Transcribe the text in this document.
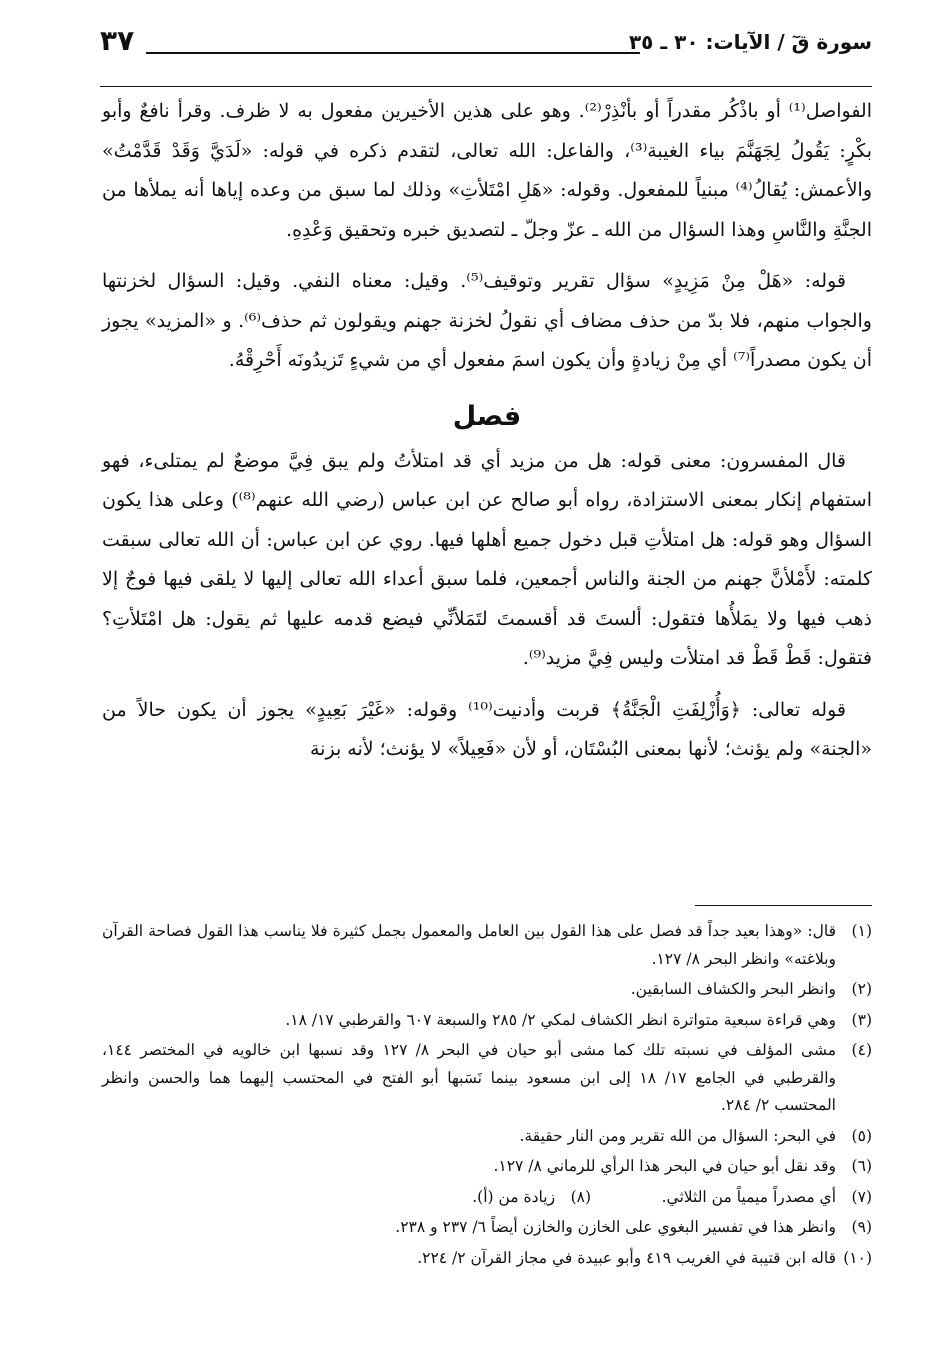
سورة قٓ / الآيات: ٣٠ ـ ٣٥
٣٧

الفواصل⁽¹⁾ أو باذْكُر مقدراً أو بأنْذِرْ⁽²⁾. وهو على هذين الأخيرين مفعول به لا ظرف. وقرأ نافعٌ وأبو بكْرٍ: يَقُولُ لِجَهَنَّمَ بياء الغيبة⁽³⁾، والفاعل: الله تعالى، لتقدم ذكره في قوله: «لَدَيَّ وَقَدْ قَدَّمْتُ» والأعمش: يُقالُ⁽⁴⁾ مبنياً للمفعول. وقوله: «هَلِ امْتَلأتِ» وذلك لما سبق من وعده إياها أنه يملأها من الجنَّةِ والنَّاسِ وهذا السؤال من الله ـ عزّ وجلّ ـ لتصديق خبره وتحقيق وَعْدِهِ.

قوله: «هَلْ مِنْ مَزِيدٍ» سؤال تقرير وتوقيف⁽⁵⁾. وقيل: معناه النفي. وقيل: السؤال لخزنتها والجواب منهم، فلا بدّ من حذف مضاف أي نقولُ لخزنة جهنم ويقولون ثم حذف⁽⁶⁾. و «المزيد» يجوز أن يكون مصدراً⁽⁷⁾ أي مِنْ زيادةٍ وأن يكون اسمَ مفعول أي من شيءٍ تَزيدُونَه أَحْرِقْهُ.

فصل

قال المفسرون: معنى قوله: هل من مزيد أي قد امتلأتُ ولم يبق فِيَّ موضعٌ لم يمتلىء، فهو استفهام إنكار بمعنى الاستزادة، رواه أبو صالح عن ابن عباس (رضي الله عنهم⁽⁸⁾) وعلى هذا يكون السؤال وهو قوله: هل امتلأتِ قبل دخول جميع أهلها فيها. روي عن ابن عباس: أن الله تعالى سبقت كلمته: لأَمْلأنَّ جهنم من الجنة والناس أجمعين، فلما سبق أعداء الله تعالى إليها لا يلقى فيها فوجٌ إلا ذهب فيها ولا يمَلأُها فتقول: ألستَ قد أقسمتَ لتَمَلأنِّي فيضع قدمه عليها ثم يقول: هل امْتَلأتِ؟ فتقول: قَطْ قَطْ قد امتلأت وليس فِيَّ مزيد⁽⁹⁾.

قوله تعالى: ﴿وَأُزْلِفَتِ الْجَنَّةُ﴾ قربت وأدنيت⁽¹⁰⁾ وقوله: «غَيْرَ بَعِيدٍ» يجوز أن يكون حالاً من «الجنة» ولم يؤنث؛ لأنها بمعنى البُسْتَان، أو لأن «فَعِيلاً» لا يؤنث؛ لأنه بزنة

(١)
قال: «وهذا بعيد جداً قد فصل على هذا القول بين العامل والمعمول بجمل كثيرة فلا يناسب هذا القول فصاحة القرآن وبلاغته» وانظر البحر ٨/ ١٢٧.
(٢)
وانظر البحر والكشاف السابقين.
(٣)
وهي قراءة سبعية متواترة انظر الكشاف لمكي ٢/ ٢٨٥ والسبعة ٦٠٧ والقرطبي ١٧/ ١٨.
(٤)
مشى المؤلف في نسبته تلك كما مشى أبو حيان في البحر ٨/ ١٢٧ وقد نسبها ابن خالويه في المختصر ١٤٤، والقرطبي في الجامع ١٧/ ١٨ إلى ابن مسعود بينما نَسَبها أبو الفتح في المحتسب إليهما هما والحسن وانظر المحتسب ٢/ ٢٨٤.
(٥)
في البحر: السؤال من الله تقرير ومن النار حقيقة.
(٦)
وقد نقل أبو حيان في البحر هذا الرأي للرماني ٨/ ١٢٧.
(٧)
أي مصدراً ميمياً من الثلاثي.
(٨)
زيادة من (أ).
(٩)
وانظر هذا في تفسير البغوي على الخازن والخازن أيضاً ٦/ ٢٣٧ و ٢٣٨.
(١٠)
قاله ابن قتيبة في الغريب ٤١٩ وأبو عبيدة في مجاز القرآن ٢/ ٢٢٤.
